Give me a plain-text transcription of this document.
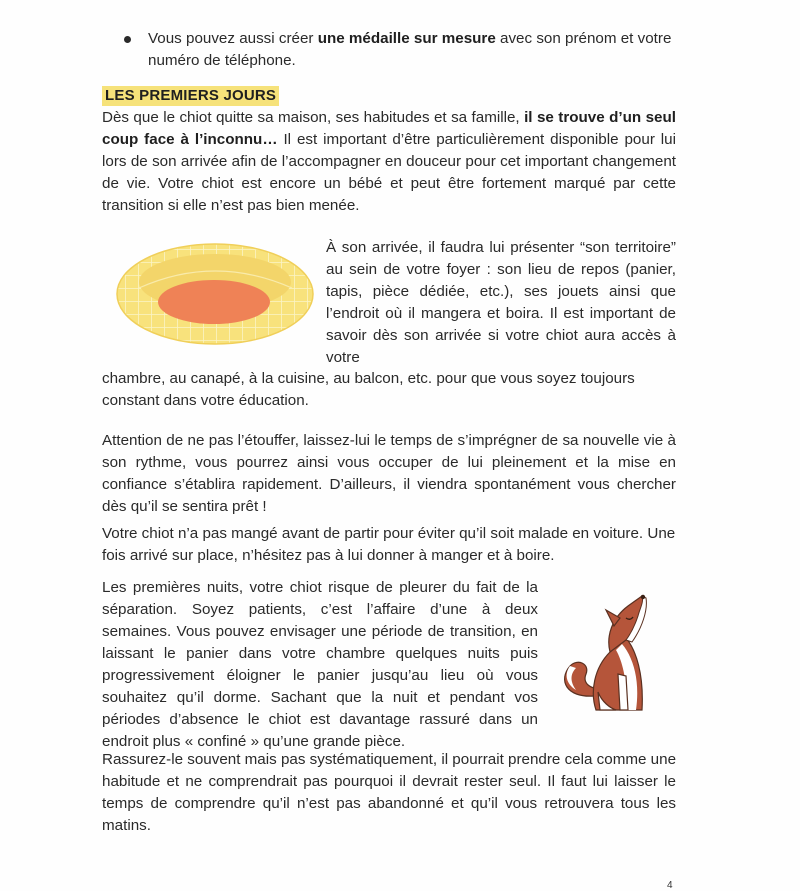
Vous pouvez aussi créer une médaille sur mesure avec son prénom et votre numéro de téléphone.
LES PREMIERS JOURS
Dès que le chiot quitte sa maison, ses habitudes et sa famille, il se trouve d’un seul coup face à l’inconnu… Il est important d’être particulièrement disponible pour lui lors de son arrivée afin de l’accompagner en douceur pour cet important changement de vie. Votre chiot est encore un bébé et peut être fortement marqué par cette transition si elle n’est pas bien menée.
À son arrivée, il faudra lui présenter “son territoire” au sein de votre foyer : son lieu de repos (panier, tapis, pièce dédiée, etc.), ses jouets ainsi que l’endroit où il mangera et boira. Il est important de savoir dès son arrivée si votre chiot aura accès à votre
chambre, au canapé, à la cuisine, au balcon, etc. pour que vous soyez toujours constant dans votre éducation.
Attention de ne pas l’étouffer, laissez-lui le temps de s’imprégner de sa nouvelle vie à son rythme, vous pourrez ainsi vous occuper de lui pleinement et la mise en confiance s’établira rapidement. D’ailleurs, il viendra spontanément vous chercher dès qu’il se sentira prêt !
Votre chiot n’a pas mangé avant de partir pour éviter qu’il soit malade en voiture. Une fois arrivé sur place, n’hésitez pas à lui donner à manger et à boire.
Les premières nuits, votre chiot risque de pleurer du fait de la séparation. Soyez patients, c’est l’affaire d’une à deux semaines. Vous pouvez envisager une période de transition, en laissant le panier dans votre chambre quelques nuits puis progressivement éloigner le panier jusqu’au lieu où vous souhaitez qu’il dorme. Sachant que la nuit et pendant vos périodes d’absence le chiot est davantage rassuré dans un endroit plus « confiné » qu’une grande pièce.
Rassurez-le souvent mais pas systématiquement, il pourrait prendre cela comme une habitude et ne comprendrait pas pourquoi il devrait rester seul. Il faut lui laisser le temps de comprendre qu’il n’est pas abandonné et qu’il vous retrouvera tous les matins.
4
